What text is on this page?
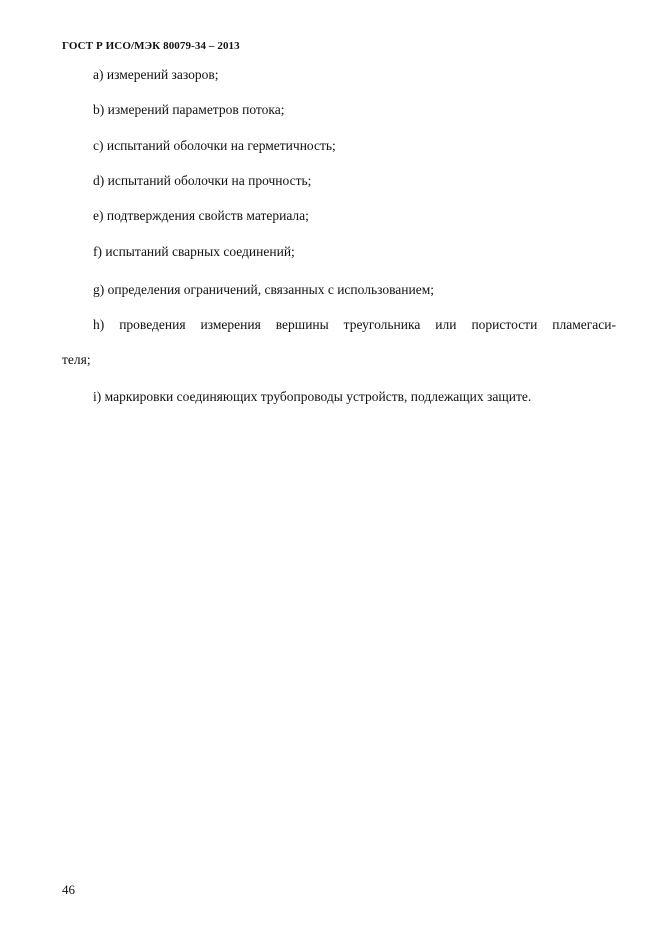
ГОСТ Р ИСО/МЭК 80079-34 – 2013
a) измерений зазоров;
b) измерений параметров потока;
c) испытаний оболочки на герметичность;
d) испытаний оболочки на прочность;
e) подтверждения свойств материала;
f) испытаний сварных соединений;
g) определения ограничений, связанных с использованием;
h) проведения измерения вершины треугольника или пористости пламегаси-
теля;
i) маркировки соединяющих трубопроводы устройств, подлежащих защите.
46
